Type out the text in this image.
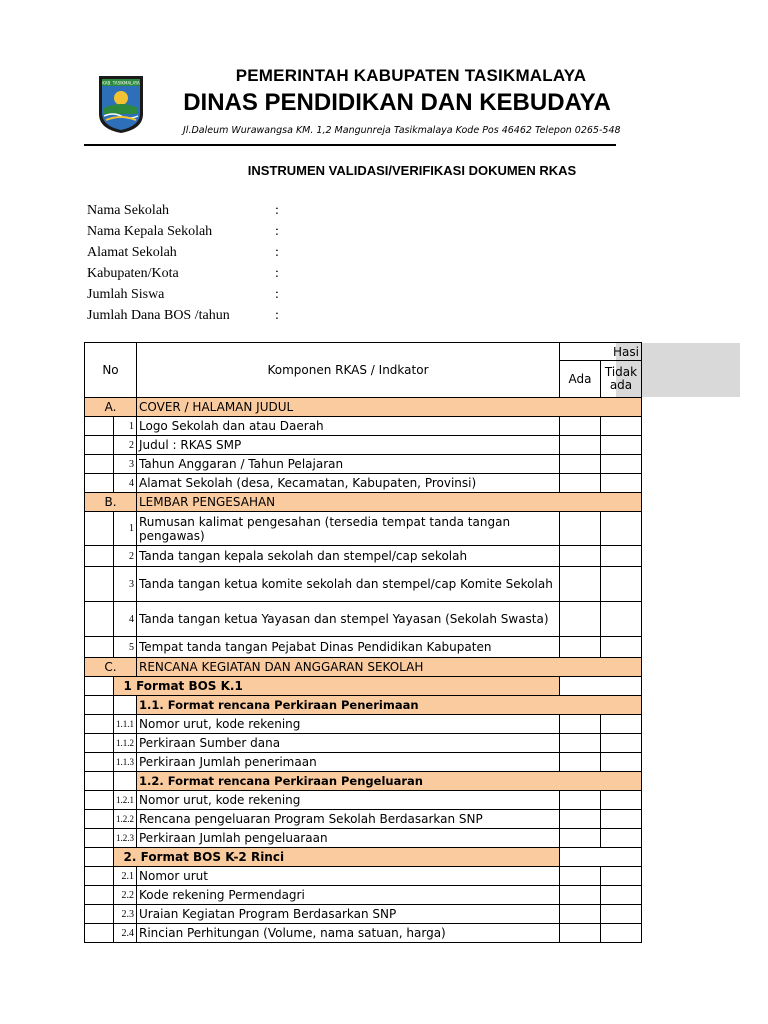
KAB. TASIKMALAYA	PEMERINTAH KABUPATEN TASIKMALAYA
DINAS PENDIDIKAN DAN KEBUDAYA
Jl.Daleum Wurawangsa KM. 1,2 Mangunreja Tasikmalaya Kode Pos 46462 Telepon 0265-548
INSTRUMEN VALIDASI/VERIFIKASI DOKUMEN RKAS
Nama Sekolah	:
Nama Kepala Sekolah	:
Alamat Sekolah	:
Kabupaten/Kota	:
Jumlah Siswa	:
Jumlah Dana BOS /tahun	:
No		Komponen RKAS / Indkator	Hasi	
			Ada	Tidak ada
A.		COVER / HALAMAN JUDUL		
	1	Logo Sekolah dan atau Daerah		
	2	Judul : RKAS SMP		
	3	Tahun Anggaran / Tahun Pelajaran		
	4	Alamat Sekolah (desa, Kecamatan, Kabupaten, Provinsi)		
B.		LEMBAR PENGESAHAN		
	1	Rumusan kalimat pengesahan (tersedia tempat tanda tangan pengawas)		
	2	Tanda tangan kepala sekolah dan stempel/cap sekolah		
	3	Tanda tangan ketua komite sekolah dan stempel/cap Komite Sekolah		
	4	Tanda tangan ketua Yayasan dan stempel Yayasan (Sekolah Swasta)		
	5	Tempat tanda tangan Pejabat Dinas Pendidikan Kabupaten		
C.		RENCANA KEGIATAN DAN ANGGARAN SEKOLAH		
	1 Format BOS K.1			
		1.1. Format rencana Perkiraan Penerimaan		
	1.1.1	Nomor urut, kode rekening		
	1.1.2	Perkiraan Sumber dana		
	1.1.3	Perkiraan Jumlah penerimaan		
		1.2. Format rencana Perkiraan Pengeluaran		
	1.2.1	Nomor urut, kode rekening		
	1.2.2	Rencana pengeluaran Program Sekolah Berdasarkan SNP		
	1.2.3	Perkiraan Jumlah pengeluaraan		
	2. Format BOS K-2 Rinci			
	2.1	Nomor urut		
	2.2	Kode rekening Permendagri		
	2.3	Uraian Kegiatan Program Berdasarkan SNP		
	2.4	Rincian Perhitungan (Volume, nama satuan, harga)		
